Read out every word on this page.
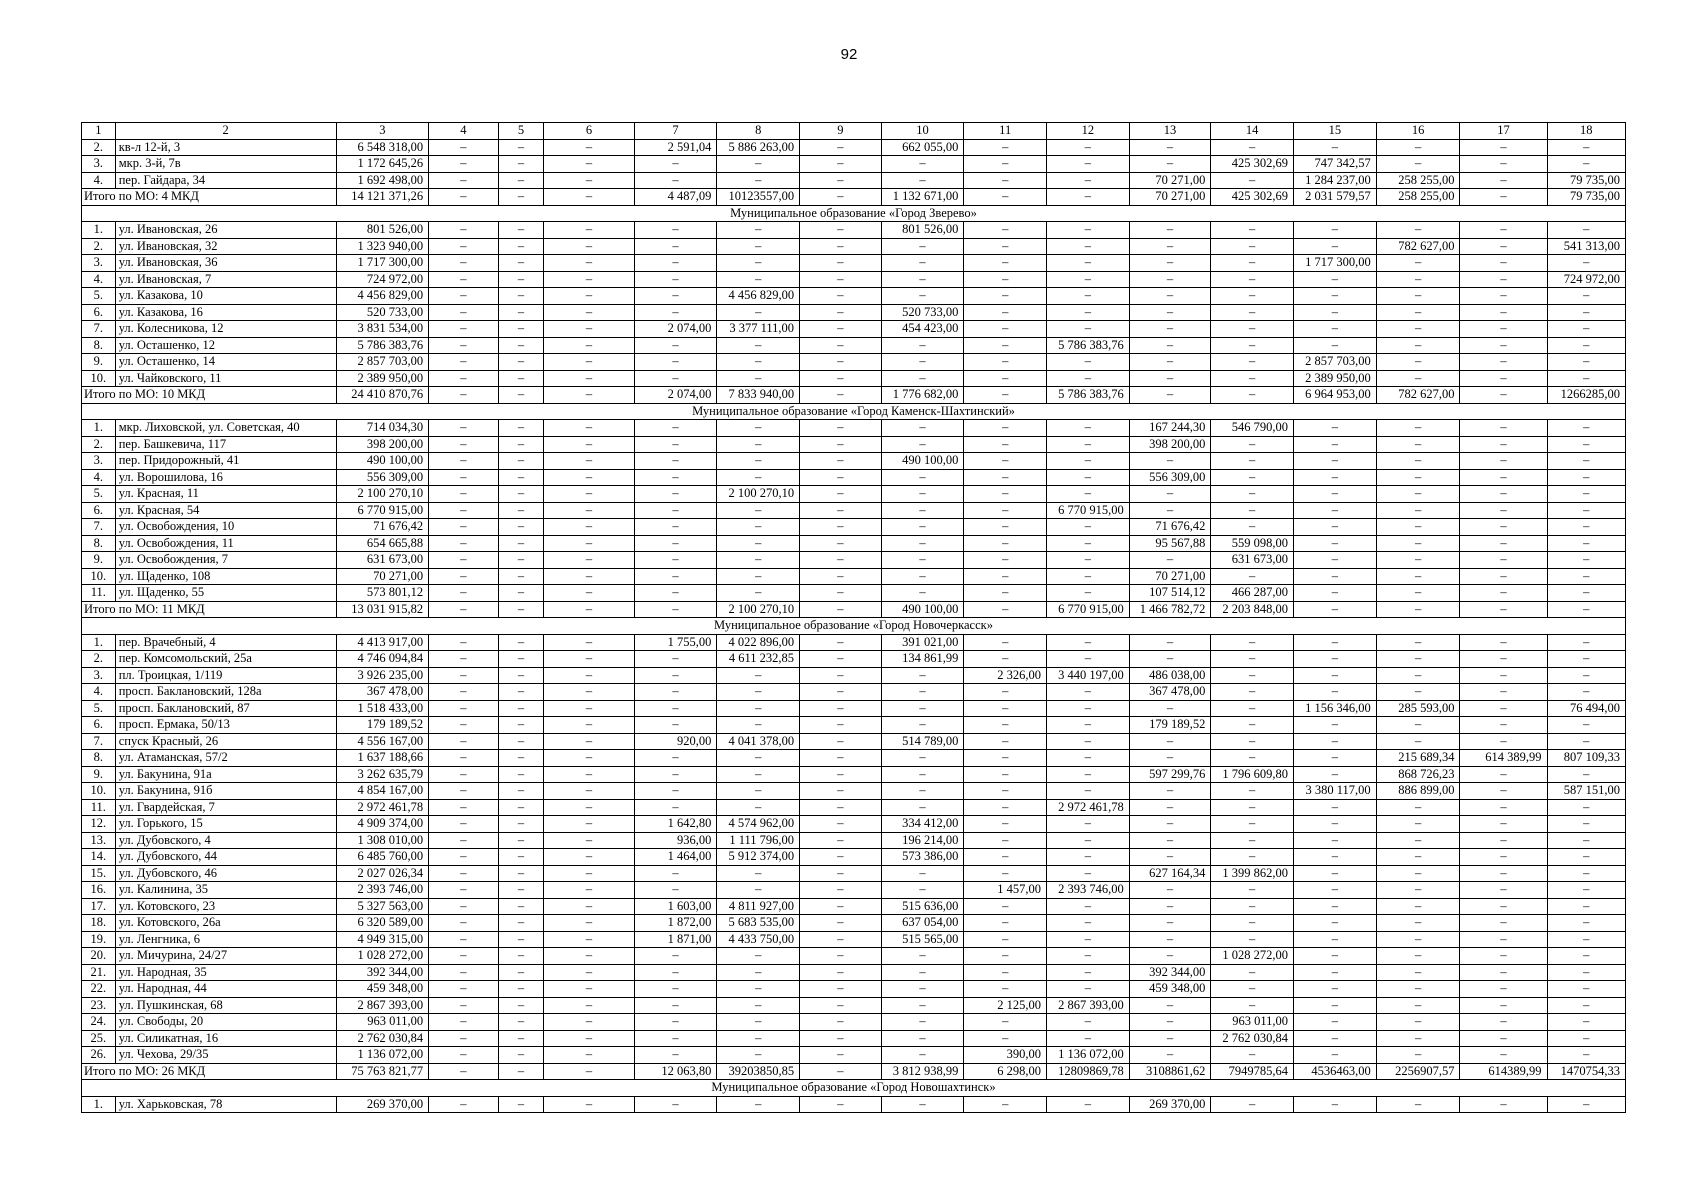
92
1	2	3	4	5	6	7	8	9	10	11	12	13	14	15	16	17	18
2.	кв-л 12-й, 3	6 548 318,00	–	–	–	2 591,04	5 886 263,00	–	662 055,00	–	–	–	–	–	–	–	–
3.	мкр. 3-й, 7в	1 172 645,26	–	–	–	–	–	–	–	–	–	–	425 302,69	747 342,57	–	–	–
4.	пер. Гайдара, 34	1 692 498,00	–	–	–	–	–	–	–	–	–	70 271,00	–	1 284 237,00	258 255,00	–	79 735,00
Итого по МО: 4 МКД		14 121 371,26	–	–	–	4 487,09	10123557,00	–	1 132 671,00	–	–	70 271,00	425 302,69	2 031 579,57	258 255,00	–	79 735,00
Муниципальное образование «Город Зверево»																	
1.	ул. Ивановская, 26	801 526,00	–	–	–	–	–	–	801 526,00	–	–	–	–	–	–	–	–
2.	ул. Ивановская, 32	1 323 940,00	–	–	–	–	–	–	–	–	–	–	–	–	782 627,00	–	541 313,00
3.	ул. Ивановская, 36	1 717 300,00	–	–	–	–	–	–	–	–	–	–	–	1 717 300,00	–	–	–
4.	ул. Ивановская, 7	724 972,00	–	–	–	–	–	–	–	–	–	–	–	–	–	–	724 972,00
5.	ул. Казакова, 10	4 456 829,00	–	–	–	–	4 456 829,00	–	–	–	–	–	–	–	–	–	–
6.	ул. Казакова, 16	520 733,00	–	–	–	–	–	–	520 733,00	–	–	–	–	–	–	–	–
7.	ул. Колесникова, 12	3 831 534,00	–	–	–	2 074,00	3 377 111,00	–	454 423,00	–	–	–	–	–	–	–	–
8.	ул. Осташенко, 12	5 786 383,76	–	–	–	–	–	–	–	–	5 786 383,76	–	–	–	–	–	–
9.	ул. Осташенко, 14	2 857 703,00	–	–	–	–	–	–	–	–	–	–	–	2 857 703,00	–	–	–
10.	ул. Чайковского, 11	2 389 950,00	–	–	–	–	–	–	–	–	–	–	–	2 389 950,00	–	–	–
Итого по МО: 10 МКД		24 410 870,76	–	–	–	2 074,00	7 833 940,00	–	1 776 682,00	–	5 786 383,76	–	–	6 964 953,00	782 627,00	–	1266285,00
Муниципальное образование «Город Каменск-Шахтинский»																	
1.	мкр. Лиховской, ул. Советская, 40	714 034,30	–	–	–	–	–	–	–	–	–	167 244,30	546 790,00	–	–	–	–
2.	пер. Башкевича, 117	398 200,00	–	–	–	–	–	–	–	–	–	398 200,00	–	–	–	–	–
3.	пер. Придорожный, 41	490 100,00	–	–	–	–	–	–	490 100,00	–	–	–	–	–	–	–	–
4.	ул. Ворошилова, 16	556 309,00	–	–	–	–	–	–	–	–	–	556 309,00	–	–	–	–	–
5.	ул. Красная, 11	2 100 270,10	–	–	–	–	2 100 270,10	–	–	–	–	–	–	–	–	–	–
6.	ул. Красная, 54	6 770 915,00	–	–	–	–	–	–	–	–	6 770 915,00	–	–	–	–	–	–
7.	ул. Освобождения, 10	71 676,42	–	–	–	–	–	–	–	–	–	71 676,42	–	–	–	–	–
8.	ул. Освобождения, 11	654 665,88	–	–	–	–	–	–	–	–	–	95 567,88	559 098,00	–	–	–	–
9.	ул. Освобождения, 7	631 673,00	–	–	–	–	–	–	–	–	–	–	631 673,00	–	–	–	–
10.	ул. Щаденко, 108	70 271,00	–	–	–	–	–	–	–	–	–	70 271,00	–	–	–	–	–
11.	ул. Щаденко, 55	573 801,12	–	–	–	–	–	–	–	–	–	107 514,12	466 287,00	–	–	–	–
Итого по МО: 11 МКД		13 031 915,82	–	–	–	–	2 100 270,10	–	490 100,00	–	6 770 915,00	1 466 782,72	2 203 848,00	–	–	–	–
Муниципальное образование «Город Новочеркасск»																	
1.	пер. Врачебный, 4	4 413 917,00	–	–	–	1 755,00	4 022 896,00	–	391 021,00	–	–	–	–	–	–	–	–
2.	пер. Комсомольский, 25а	4 746 094,84	–	–	–	–	4 611 232,85	–	134 861,99	–	–	–	–	–	–	–	–
3.	пл. Троицкая, 1/119	3 926 235,00	–	–	–	–	–	–	–	2 326,00	3 440 197,00	486 038,00	–	–	–	–	–
4.	просп. Баклановский, 128а	367 478,00	–	–	–	–	–	–	–	–	–	367 478,00	–	–	–	–	–
5.	просп. Баклановский, 87	1 518 433,00	–	–	–	–	–	–	–	–	–	–	–	1 156 346,00	285 593,00	–	76 494,00
6.	просп. Ермака, 50/13	179 189,52	–	–	–	–	–	–	–	–	–	179 189,52	–	–	–	–	–
7.	спуск Красный, 26	4 556 167,00	–	–	–	920,00	4 041 378,00	–	514 789,00	–	–	–	–	–	–	–	–
8.	ул. Атаманская, 57/2	1 637 188,66	–	–	–	–	–	–	–	–	–	–	–	–	215 689,34	614 389,99	807 109,33
9.	ул. Бакунина, 91а	3 262 635,79	–	–	–	–	–	–	–	–	–	597 299,76	1 796 609,80	–	868 726,23	–	–
10.	ул. Бакунина, 91б	4 854 167,00	–	–	–	–	–	–	–	–	–	–	–	3 380 117,00	886 899,00	–	587 151,00
11.	ул. Гвардейская, 7	2 972 461,78	–	–	–	–	–	–	–	–	2 972 461,78	–	–	–	–	–	–
12.	ул. Горького, 15	4 909 374,00	–	–	–	1 642,80	4 574 962,00	–	334 412,00	–	–	–	–	–	–	–	–
13.	ул. Дубовского, 4	1 308 010,00	–	–	–	936,00	1 111 796,00	–	196 214,00	–	–	–	–	–	–	–	–
14.	ул. Дубовского, 44	6 485 760,00	–	–	–	1 464,00	5 912 374,00	–	573 386,00	–	–	–	–	–	–	–	–
15.	ул. Дубовского, 46	2 027 026,34	–	–	–	–	–	–	–	–	–	627 164,34	1 399 862,00	–	–	–	–
16.	ул. Калинина, 35	2 393 746,00	–	–	–	–	–	–	–	1 457,00	2 393 746,00	–	–	–	–	–	–
17.	ул. Котовского, 23	5 327 563,00	–	–	–	1 603,00	4 811 927,00	–	515 636,00	–	–	–	–	–	–	–	–
18.	ул. Котовского, 26а	6 320 589,00	–	–	–	1 872,00	5 683 535,00	–	637 054,00	–	–	–	–	–	–	–	–
19.	ул. Ленгника, 6	4 949 315,00	–	–	–	1 871,00	4 433 750,00	–	515 565,00	–	–	–	–	–	–	–	–
20.	ул. Мичурина, 24/27	1 028 272,00	–	–	–	–	–	–	–	–	–	–	1 028 272,00	–	–	–	–
21.	ул. Народная, 35	392 344,00	–	–	–	–	–	–	–	–	–	392 344,00	–	–	–	–	–
22.	ул. Народная, 44	459 348,00	–	–	–	–	–	–	–	–	–	459 348,00	–	–	–	–	–
23.	ул. Пушкинская, 68	2 867 393,00	–	–	–	–	–	–	–	2 125,00	2 867 393,00	–	–	–	–	–	–
24.	ул. Свободы, 20	963 011,00	–	–	–	–	–	–	–	–	–	–	963 011,00	–	–	–	–
25.	ул. Силикатная, 16	2 762 030,84	–	–	–	–	–	–	–	–	–	–	2 762 030,84	–	–	–	–
26.	ул. Чехова, 29/35	1 136 072,00	–	–	–	–	–	–	–	390,00	1 136 072,00	–	–	–	–	–	–
Итого по МО: 26 МКД		75 763 821,77	–	–	–	12 063,80	39203850,85	–	3 812 938,99	6 298,00	12809869,78	3108861,62	7949785,64	4536463,00	2256907,57	614389,99	1470754,33
Муниципальное образование «Город Новошахтинск»																	
1.	ул. Харьковская, 78	269 370,00	–	–	–	–	–	–	–	–	–	269 370,00	–	–	–	–	–
